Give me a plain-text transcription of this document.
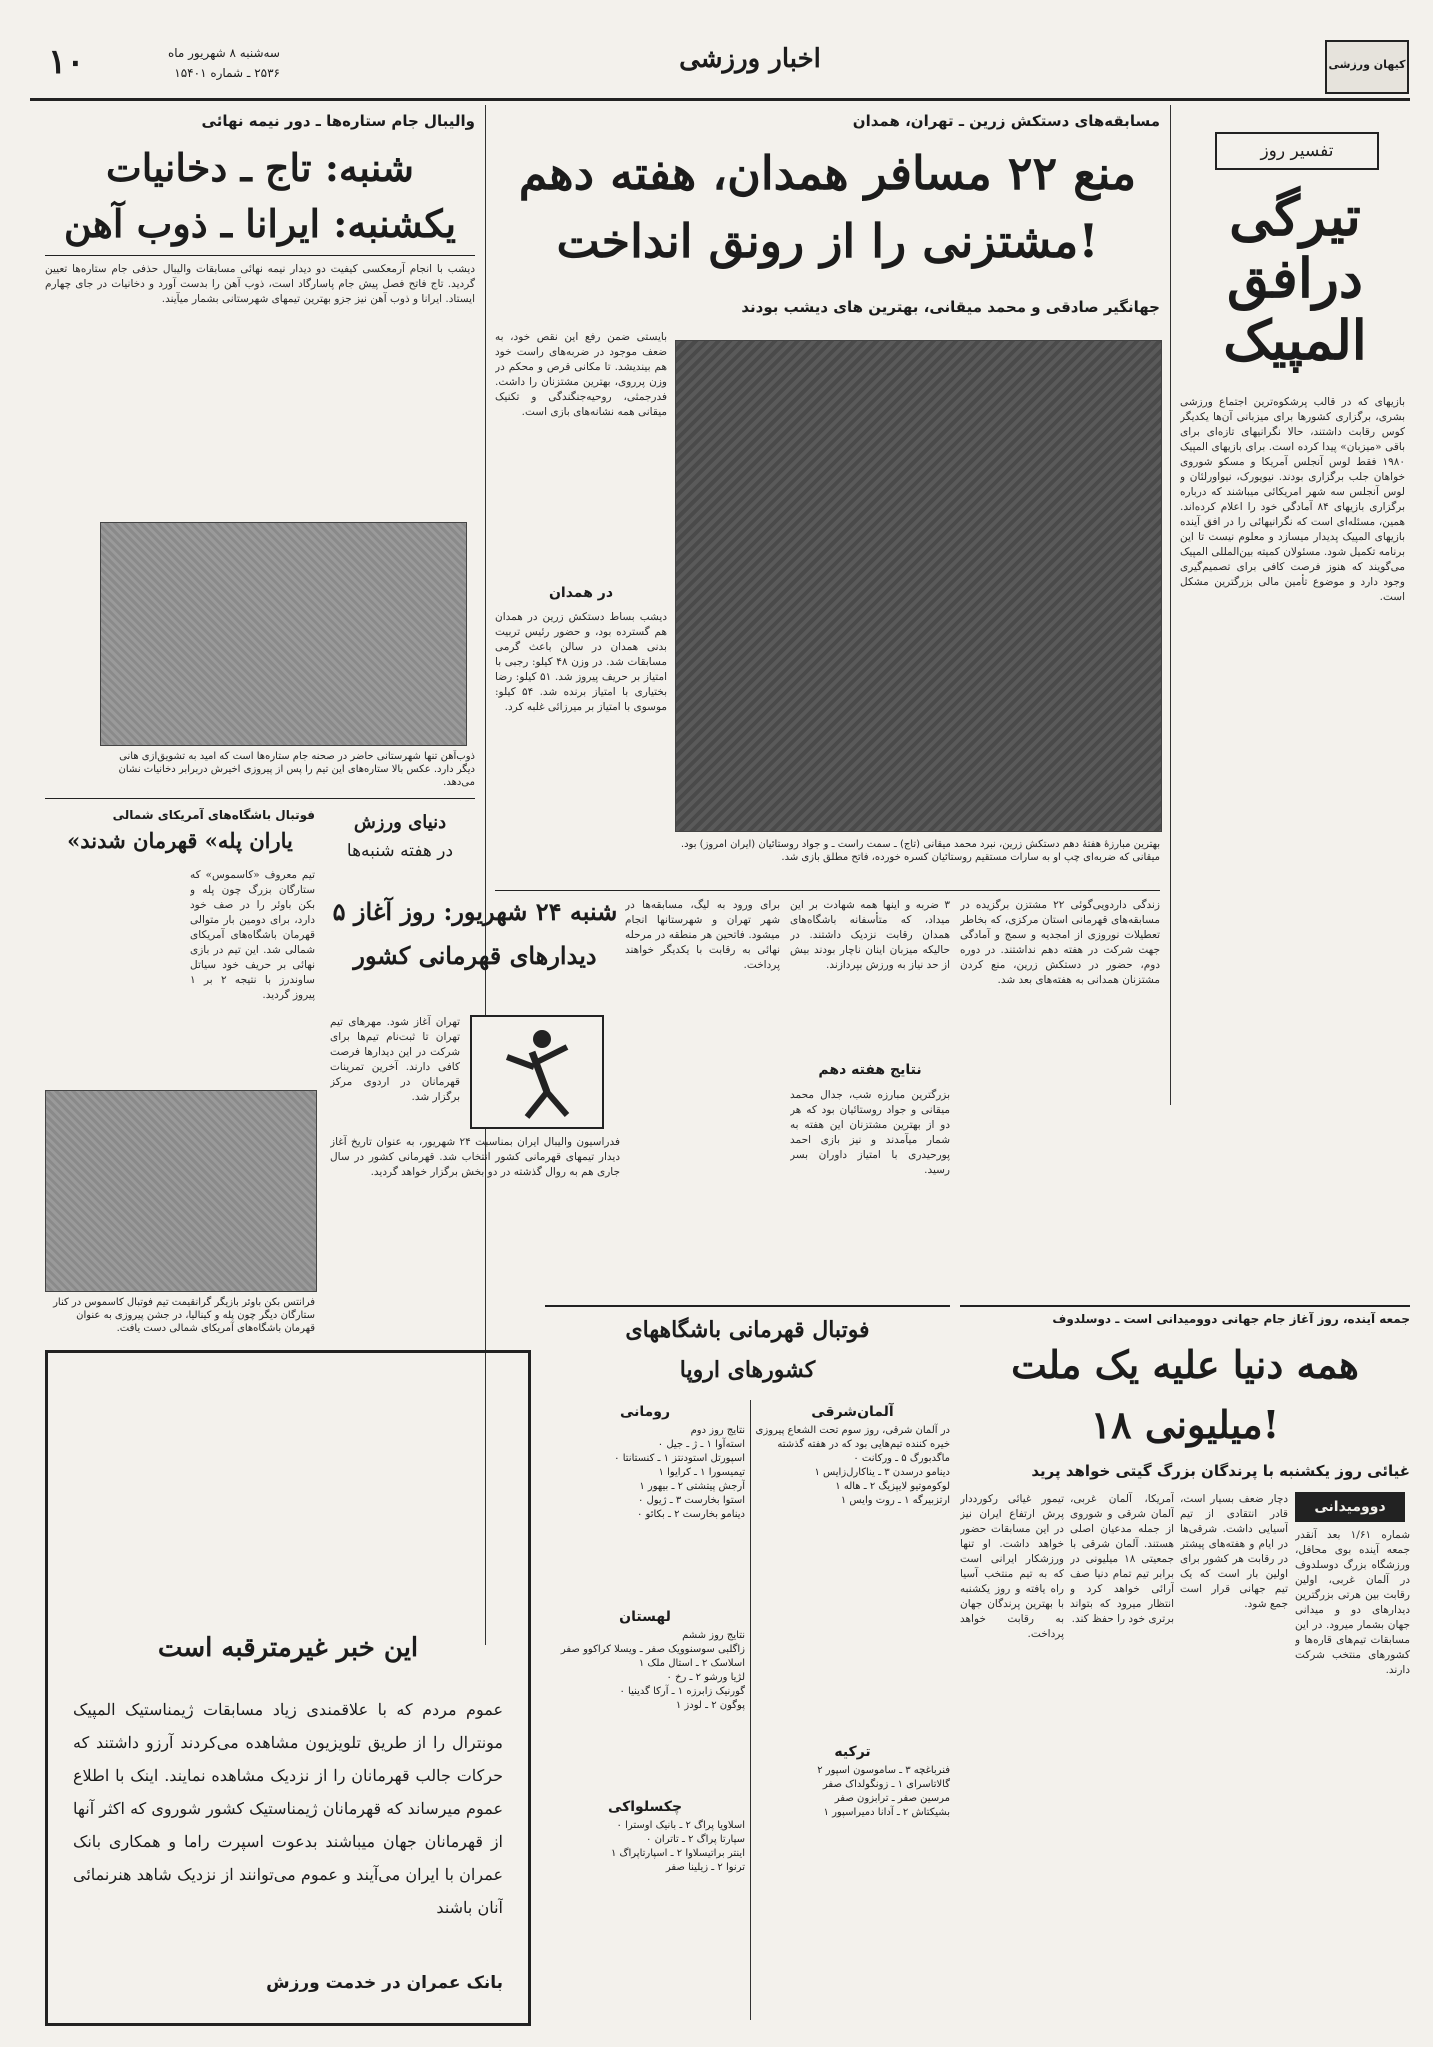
۱۰	سه‌شنبه ۸ شهریور ماه
۲۵۳۶ ـ شماره ۱۵۴۰۱	اخبار ورزشی	کیهان ورزشی
تفسیر روز
تیرگی
درافق
المپیک
بازیهای که در قالب پرشکوه‌ترین اجتماع ورزشی بشری، برگزاری کشورها برای میزبانی آن‌ها یکدیگر کوس رقابت داشتند، حالا نگرانیهای تازه‌ای برای باقی «میزبان» پیدا کرده است. برای بازیهای المپیک ۱۹۸۰ فقط لوس آنجلس آمریکا و مسکو شوروی خواهان جلب برگزاری بودند. نیویورک، نیواورلئان و لوس آنجلس سه شهر امریکائی میباشند که درباره برگزاری بازیهای ۸۴ آمادگی خود را اعلام کرده‌اند. همین، مسئله‌ای است که نگرانیهائی را در افق آینده بازیهای المپیک پدیدار میسازد و معلوم نیست تا این برنامه تکمیل شود. مسئولان کمیته بین‌المللی المپیک می‌گویند که هنوز فرصت کافی برای تصمیم‌گیری وجود دارد و موضوع تأمین مالی بزرگترین مشکل است.
مسابقه‌های دستکش زرین ـ تهران، همدان
منع ۲۲ مسافر همدان، هفته دهم
مشتزنی را از رونق انداخت!
جهانگیر صادقی و محمد میقانی، بهترین های دیشب بودند
بهترین مبارزهٔ هفتهٔ دهم دستکش زرین، نبرد محمد میقانی (تاج) ـ سمت راست ـ و جواد روستائیان (ایران امروز) بود. میقانی که ضربه‌ای چپ او به سارات مستقیم روستائیان کسره خورده، فاتح مطلق بازی شد.
بایستی ضمن رفع این نقص خود، به ضعف موجود در ضربه‌های راست خود هم بیندیشد. تا مکانی قرص و محکم در وزن پرروی، بهترین مشتزنان را داشت. فدرجمثی، روحیه‌جنگندگی و تکنیک میقانی همه نشانه‌های بازی است.
در همدان
دیشب بساط دستکش زرین در همدان هم گسترده بود، و حضور رئیس تربیت بدنی همدان در سالن باعث گرمی مسابقات شد. در وزن ۴۸ کیلو: رجبی با امتیاز بر حریف پیروز شد. ۵۱ کیلو: رضا بختیاری با امتیاز برنده شد. ۵۴ کیلو: موسوی با امتیاز بر میرزائی غلبه کرد.
زندگی داردویی‌گوئی ۲۲ مشتزن برگزیده در مسابقه‌های قهرمانی استان مرکزی، که بخاطر تعطیلات نوروزی از امجدیه و سمج و آمادگی جهت شرکت در هفته دهم نداشتند. در دوره دوم، حضور در دستکش زرین، منع کردن مشتزنان همدانی به هفته‌های بعد شد.
۳ ضربه و اینها همه شهادت بر این میداد، که متأسفانه باشگاه‌های همدان رقابت نزدیک داشتند. در حالیکه میزبان اینان ناچار بودند بیش از حد نیاز به ورزش بپردازند.
نتایج هفته دهم
بزرگترین مبارزه شب، جدال محمد میقانی و جواد روستائیان بود که هر دو از بهترین مشتزنان این هفته به شمار میآمدند و نیز بازی احمد پورحیدری با امتیاز داوران بسر رسید.
برای ورود به لیگ، مسابقه‌ها در شهر تهران و شهرستانها انجام میشود. فاتحین هر منطقه در مرحله نهائی به رقابت با یکدیگر خواهند پرداخت.
والیبال جام ستاره‌ها ـ دور نیمه نهائی
شنبه: تاج ـ دخانیات
یکشنبه: ایرانا ـ ذوب آهن
دیشب با انجام آرمعکسی کیفیت دو دیدار نیمه نهائی مسابقات والیبال حذفی جام ستاره‌ها تعیین گردید. تاج فاتح فصل پیش جام پاسارگاد است، ذوب آهن را بدست آورد و دخانیات در جای چهارم ایستاد. ایرانا و ذوب آهن نیز جزو بهترین تیمهای شهرستانی بشمار میآیند.
ذوب‌آهن تنها شهرستانی حاضر در صحنه جام ستاره‌ها است که امید به تشویق‌ازی هانی دیگر دارد. عکس بالا ستاره‌های این تیم را پس از پیروزی اخیرش دربرابر دخانیات نشان می‌دهد.
دنیای ورزش
در هفته شنبه‌ها
فوتبال باشگاه‌های آمریکای شمالی
«یاران پله» قهرمان شدند
تیم معروف «کاسموس» که ستارگان بزرگ چون پله و بکن باوئر را در صف خود دارد، برای دومین بار متوالی قهرمان باشگاه‌های آمریکای شمالی شد. این تیم در بازی نهائی بر حریف خود سیاتل ساوندرز با نتیجه ۲ بر ۱ پیروز گردید.
فرانتس بکن باوئر بازیگر گرانقیمت تیم فوتبال کاسموس در کنار ستارگان دیگر چون پله و کینالیا، در جشن پیروزی به عنوان قهرمان باشگاه‌های آمریکای شمالی دست یافت.
۵ شنبه ۲۴ شهریور: روز آغاز
دیدارهای قهرمانی کشور
تهران آغاز شود. مهرهای تیم تهران تا ثبت‌نام تیم‌ها برای شرکت در این دیدارها فرصت کافی دارند. آخرین تمرینات قهرمانان در اردوی مرکز برگزار شد.
فدراسیون والیبال ایران بمناسبت ۲۴ شهریور، به عنوان تاریخ آغاز دیدار تیمهای قهرمانی کشور انتخاب شد. قهرمانی کشور در سال جاری هم به روال گذشته در دو بخش برگزار خواهد گردید.
جمعه آینده، روز آغاز جام جهانی دوومیدانی است ـ دوسلدوف
همه دنیا علیه یک ملت
۱۸ میلیونی!
غیائی روز یکشنبه با پرندگان بزرگ گیتی خواهد پرید
دوومیدانی
شماره ۱/۶۱ بعد آنقدر جمعه آینده بوی محافل، ورزشگاه بزرگ دوسلدوف در آلمان غربی، اولین رقابت بین هرتی بزرگترین دیدارهای دو و میدانی جهان بشمار میرود. در این مسابقات تیم‌های قاره‌ها و کشورهای منتخب شرکت دارند.
دچار ضعف بسیار است، قادر انتقادی از تیم آسیایی داشت. شرقی‌ها در ایام و هفته‌های پیشتر در رقابت هر کشور برای اولین بار است که یک تیم جهانی قرار است جمع شود.
آمریکا، آلمان غربی، آلمان شرقی و شوروی از جمله مدعیان اصلی هستند. آلمان شرقی با جمعیتی ۱۸ میلیونی در برابر تیم تمام دنیا صف آرائی خواهد کرد و انتظار میرود که بتواند برتری خود را حفظ کند.
تیمور غیائی رکورددار پرش ارتفاع ایران نیز در این مسابقات حضور خواهد داشت. او تنها ورزشکار ایرانی است که به تیم منتخب آسیا راه یافته و روز یکشنبه با بهترین پرندگان جهان به رقابت خواهد پرداخت.
فوتبال قهرمانی باشگاههای
کشورهای اروپا
آلمان‌شرقی
در آلمان شرقی، روز سوم تحت الشعاع پیروزی خیره کننده تیم‌هایی بود که در هفته گذشته
ماگدبورگ ۵ ـ ورکانت ۰
دینامو درسدن ۳ ـ یناکارل‌زایس ۱
لوکوموتیو لایپزیگ ۲ ـ هاله ۱
ارتزبیرگه ۱ ـ روت وایس ۱
ترکیه
فنرباغچه ۳ ـ ساموسون اسپور ۲
گالاتاسرای ۱ ـ زونگولداک صفر
مرسین صفر ـ ترابزون صفر
بشیکتاش ۲ ـ آدانا دمیراسپور ۱
رومانی
نتایج روز دوم
استه‌آوا ۱ ـ ژ ـ جیل ۰
اسپورتل استودنتز ۱ ـ کنستانتا ۰
تیمیسورا ۱ ـ کرایوا ۱
آرجش پیتشتی ۲ ـ بیهور ۱
استوا بخارست ۳ ـ ژیول ۰
دینامو بخارست ۲ ـ بکائو ۰
لهستان
نتایج روز ششم
زاگلبی سوسنوویک صفر ـ ویسلا کراکوو صفر
اسلاسک ۲ ـ استال ملک ۱
لژیا ورشو ۲ ـ رخ ۰
گورنیک زابرزه ۱ ـ آرکا گدینیا ۰
پوگون ۲ ـ لودز ۱
چکسلواکی
اسلاویا پراگ ۲ ـ بانیک اوسترا ۰
سپارتا پراگ ۲ ـ تاتران ۰
اینتر براتیسلاوا ۲ ـ اسپارتاپراگ ۱
ترنوا ۲ ـ زیلینا صفر
این خبر غیرمترقبه است
عموم مردم که با علاقمندی زیاد مسابقات ژیمناستیک المپیک مونترال را از طریق تلویزیون مشاهده می‌کردند آرزو داشتند که حرکات جالب قهرمانان را از نزدیک مشاهده نمایند. اینک با اطلاع عموم میرساند که قهرمانان ژیمناستیک کشور شوروی که اکثر آنها از قهرمانان جهان میباشند بدعوت اسپرت راما و همکاری بانک عمران با ایران می‌آیند و عموم می‌توانند از نزدیک شاهد هنرنمائی آنان باشند
بانک عمران در خدمت ورزش
